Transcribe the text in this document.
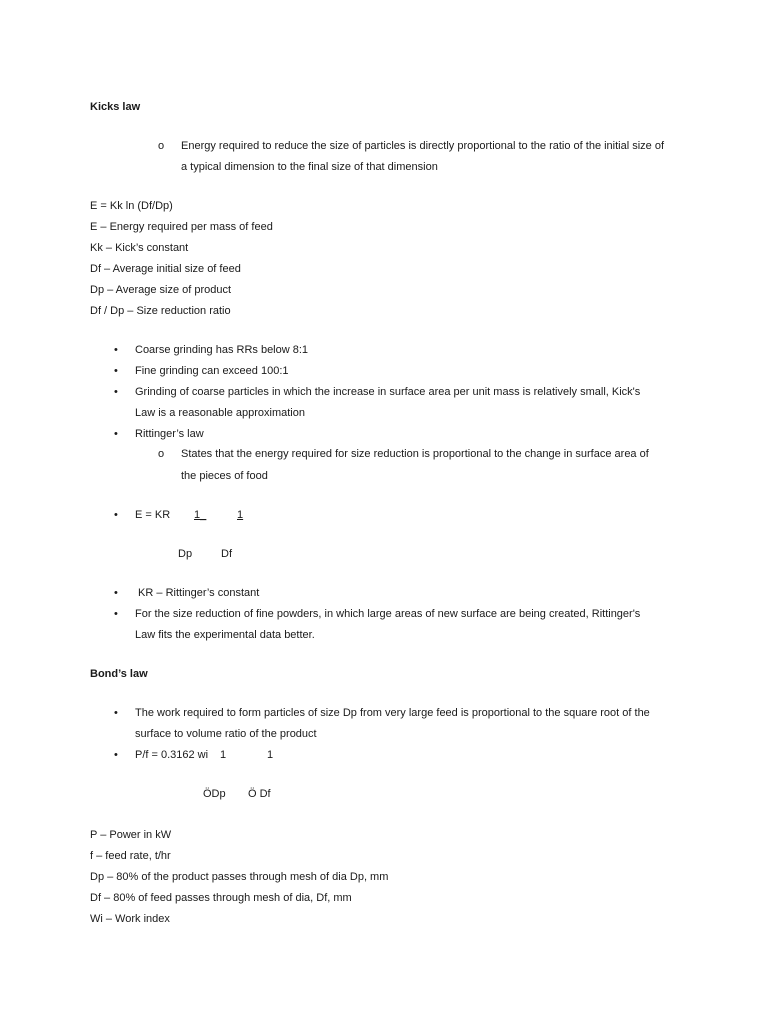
Kicks law
o Energy required to reduce the size of particles is directly proportional to the ratio of the initial size of
a typical dimension to the final size of that dimension
E = Kk ln (Df/Dp)
E – Energy required per mass of feed
Kk – Kick’s constant
Df – Average initial size of feed
Dp – Average size of product
Df / Dp – Size reduction ratio
• Coarse grinding has RRs below 8:1
• Fine grinding can exceed 100:1
• Grinding of coarse particles in which the increase in surface area per unit mass is relatively small, Kick's
Law is a reasonable approximation
• Rittinger’s law
o States that the energy required for size reduction is proportional to the change in surface area of
the pieces of food
• E = KR 1_	1
Dp	Df
• KR – Rittinger’s constant
• For the size reduction of fine powders, in which large areas of new surface are being created, Rittinger's
Law fits the experimental data better.
Bond’s law
• The work required to form particles of size Dp from very large feed is proportional to the square root of the
surface to volume ratio of the product
• P/f = 0.3162 wi 1	1
ÖDp Ö Df
P – Power in kW
f – feed rate, t/hr
Dp – 80% of the product passes through mesh of dia Dp, mm
Df – 80% of feed passes through mesh of dia, Df, mm
Wi – Work index
